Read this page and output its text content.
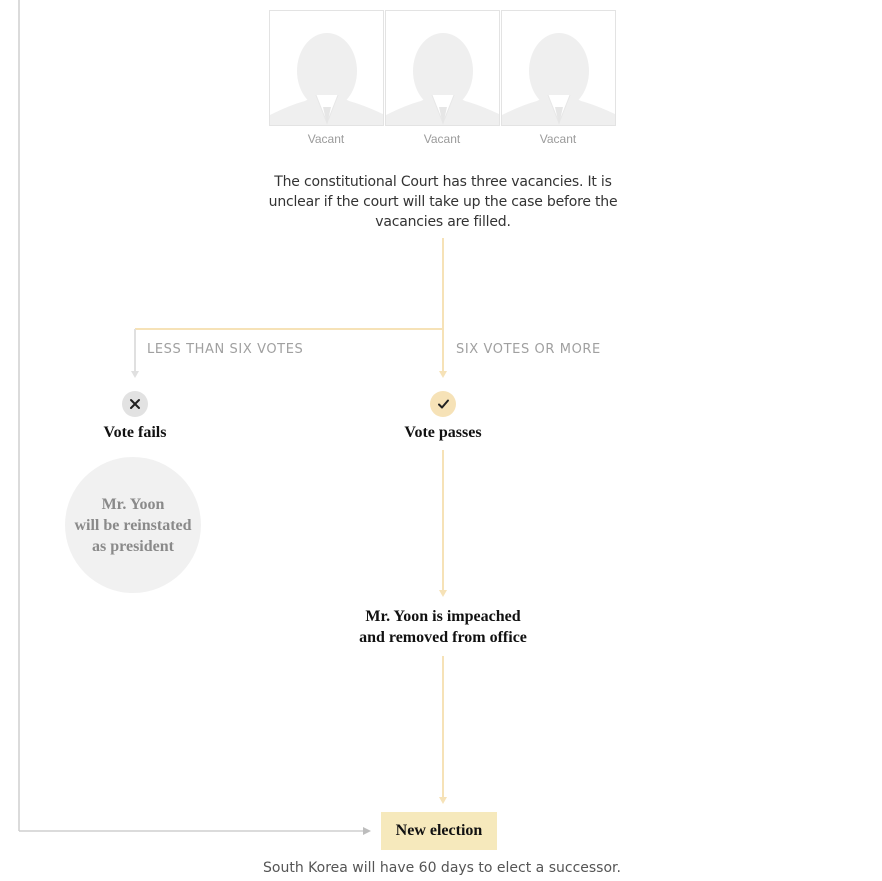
Vacant	Vacant	Vacant
The constitutional Court has three vacancies. It is unclear if the court will take up the case before the vacancies are filled.
LESS THAN SIX VOTES	SIX VOTES OR MORE
Vote fails	Vote passes
Mr. Yoon
will be reinstated
as president
Mr. Yoon is impeached
and removed from office
New election
South Korea will have 60 days to elect a successor.
